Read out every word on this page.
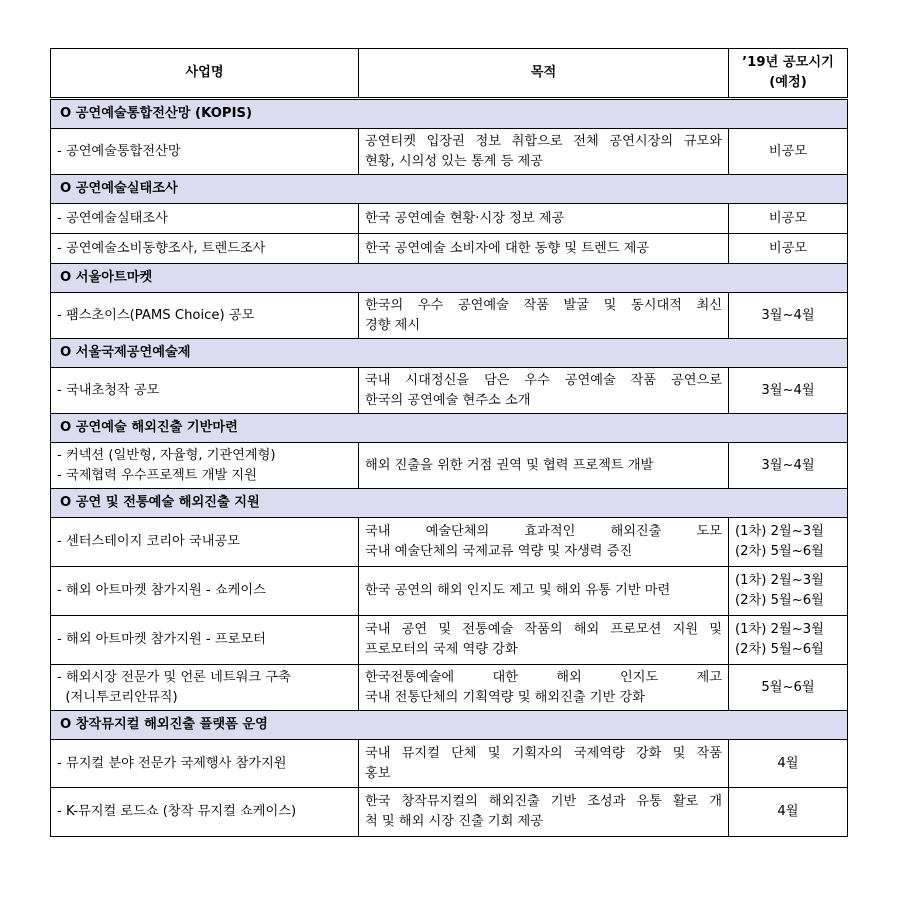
사업명	목적	’19년 공모시기
(예정)

O 공연예술통합전산망 (KOPIS)		

- 공연예술통합전산망	공연티켓 입장권 정보 취합으로 전체 공연시장의 규모와
현황, 시의성 있는 통계 등 제공	비공모

O 공연예술실태조사		

- 공연예술실태조사	한국 공연예술 현황·시장 정보 제공	비공모

- 공연예술소비동향조사, 트렌드조사	한국 공연예술 소비자에 대한 동향 및 트렌드 제공	비공모

O 서울아트마켓		

- 팸스초이스(PAMS Choice) 공모	한국의 우수 공연예술 작품 발굴 및 동시대적 최신
경향 제시	3월~4월

O 서울국제공연예술제		

- 국내초청작 공모	국내 시대정신을 담은 우수 공연예술 작품 공연으로
한국의 공연예술 현주소 소개	3월~4월

O 공연예술 해외진출 기반마련		

- 커넥션 (일반형, 자율형, 기관연계형)
- 국제협력 우수프로젝트 개발 지원	해외 진출을 위한 거점 권역 및 협력 프로젝트 개발	3월~4월

O 공연 및 전통예술 해외진출 지원		

- 센터스테이지 코리아 국내공모	국내 예술단체의 효과적인 해외진출 도모
국내 예술단체의 국제교류 역량 및 자생력 증진	(1차) 2월~3월
(2차) 5월~6월

- 해외 아트마켓 참가지원 - 쇼케이스	한국 공연의 해외 인지도 제고 및 해외 유통 기반 마련	(1차) 2월~3월
(2차) 5월~6월

- 해외 아트마켓 참가지원 - 프로모터	국내 공연 및 전통예술 작품의 해외 프로모션 지원 및
프로모터의 국제 역량 강화	(1차) 2월~3월
(2차) 5월~6월

- 해외시장 전문가 및 언론 네트워크 구축
(저니투코리안뮤직)	한국전통예술에 대한 해외 인지도 제고
국내 전통단체의 기획역량 및 해외진출 기반 강화	5월~6월

O 창작뮤지컬 해외진출 플랫폼 운영		

- 뮤지컬 분야 전문가 국제행사 참가지원	국내 뮤지컬 단체 및 기획자의 국제역량 강화 및 작품
홍보	4월

- K-뮤지컬 로드쇼 (창작 뮤지컬 쇼케이스)	한국 창작뮤지컬의 해외진출 기반 조성과 유통 활로 개
척 및 해외 시장 진출 기회 제공	4월
